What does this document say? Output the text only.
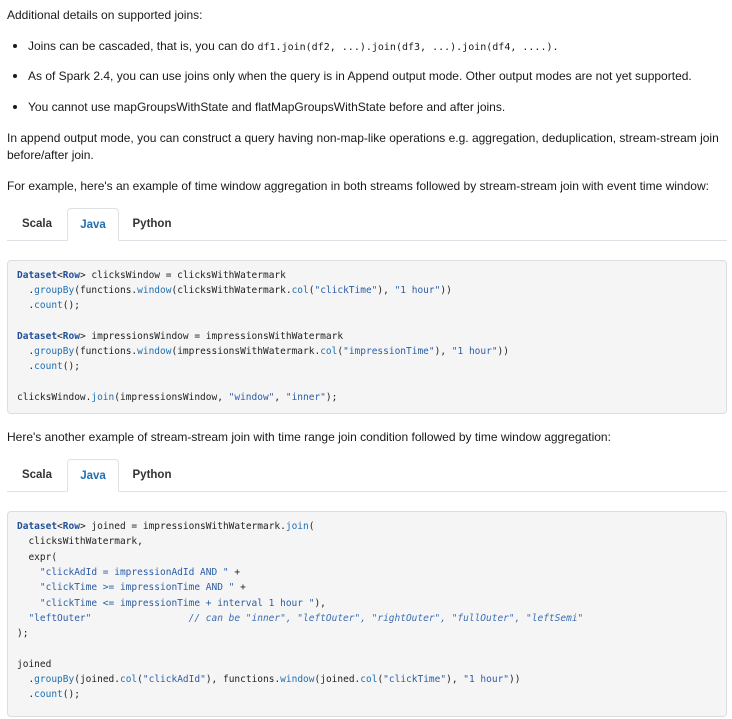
Additional details on supported joins:

Joins can be cascaded, that is, you can do df1.join(df2, ...).join(df3, ...).join(df4, ....).
As of Spark 2.4, you can use joins only when the query is in Append output mode. Other output modes are not yet supported.
You cannot use mapGroupsWithState and flatMapGroupsWithState before and after joins.

In append output mode, you can construct a query having non-map-like operations e.g. aggregation, deduplication, stream-stream join

before/after join.

For example, here's an example of time window aggregation in both streams followed by stream-stream join with event time window:

Scala	Java	Python
Dataset<Row> clicksWindow = clicksWithWatermark
.groupBy(functions.window(clicksWithWatermark.col("clickTime"), "1 hour"))
.count();
Dataset<Row> impressionsWindow = impressionsWithWatermark
.groupBy(functions.window(impressionsWithWatermark.col("impressionTime"), "1 hour"))
.count();
clicksWindow.join(impressionsWindow, "window", "inner");

Here's another example of stream-stream join with time range join condition followed by time window aggregation:

Scala	Java	Python
Dataset<Row> joined = impressionsWithWatermark.join(
clicksWithWatermark,
expr(
"clickAdId = impressionAdId AND " +
"clickTime >= impressionTime AND " +
"clickTime <= impressionTime + interval 1 hour "),
"leftOuter"	// can be "inner", "leftOuter", "rightOuter", "fullOuter", "leftSemi"
);
joined
.groupBy(joined.col("clickAdId"), functions.window(joined.col("clickTime"), "1 hour"))
.count();
